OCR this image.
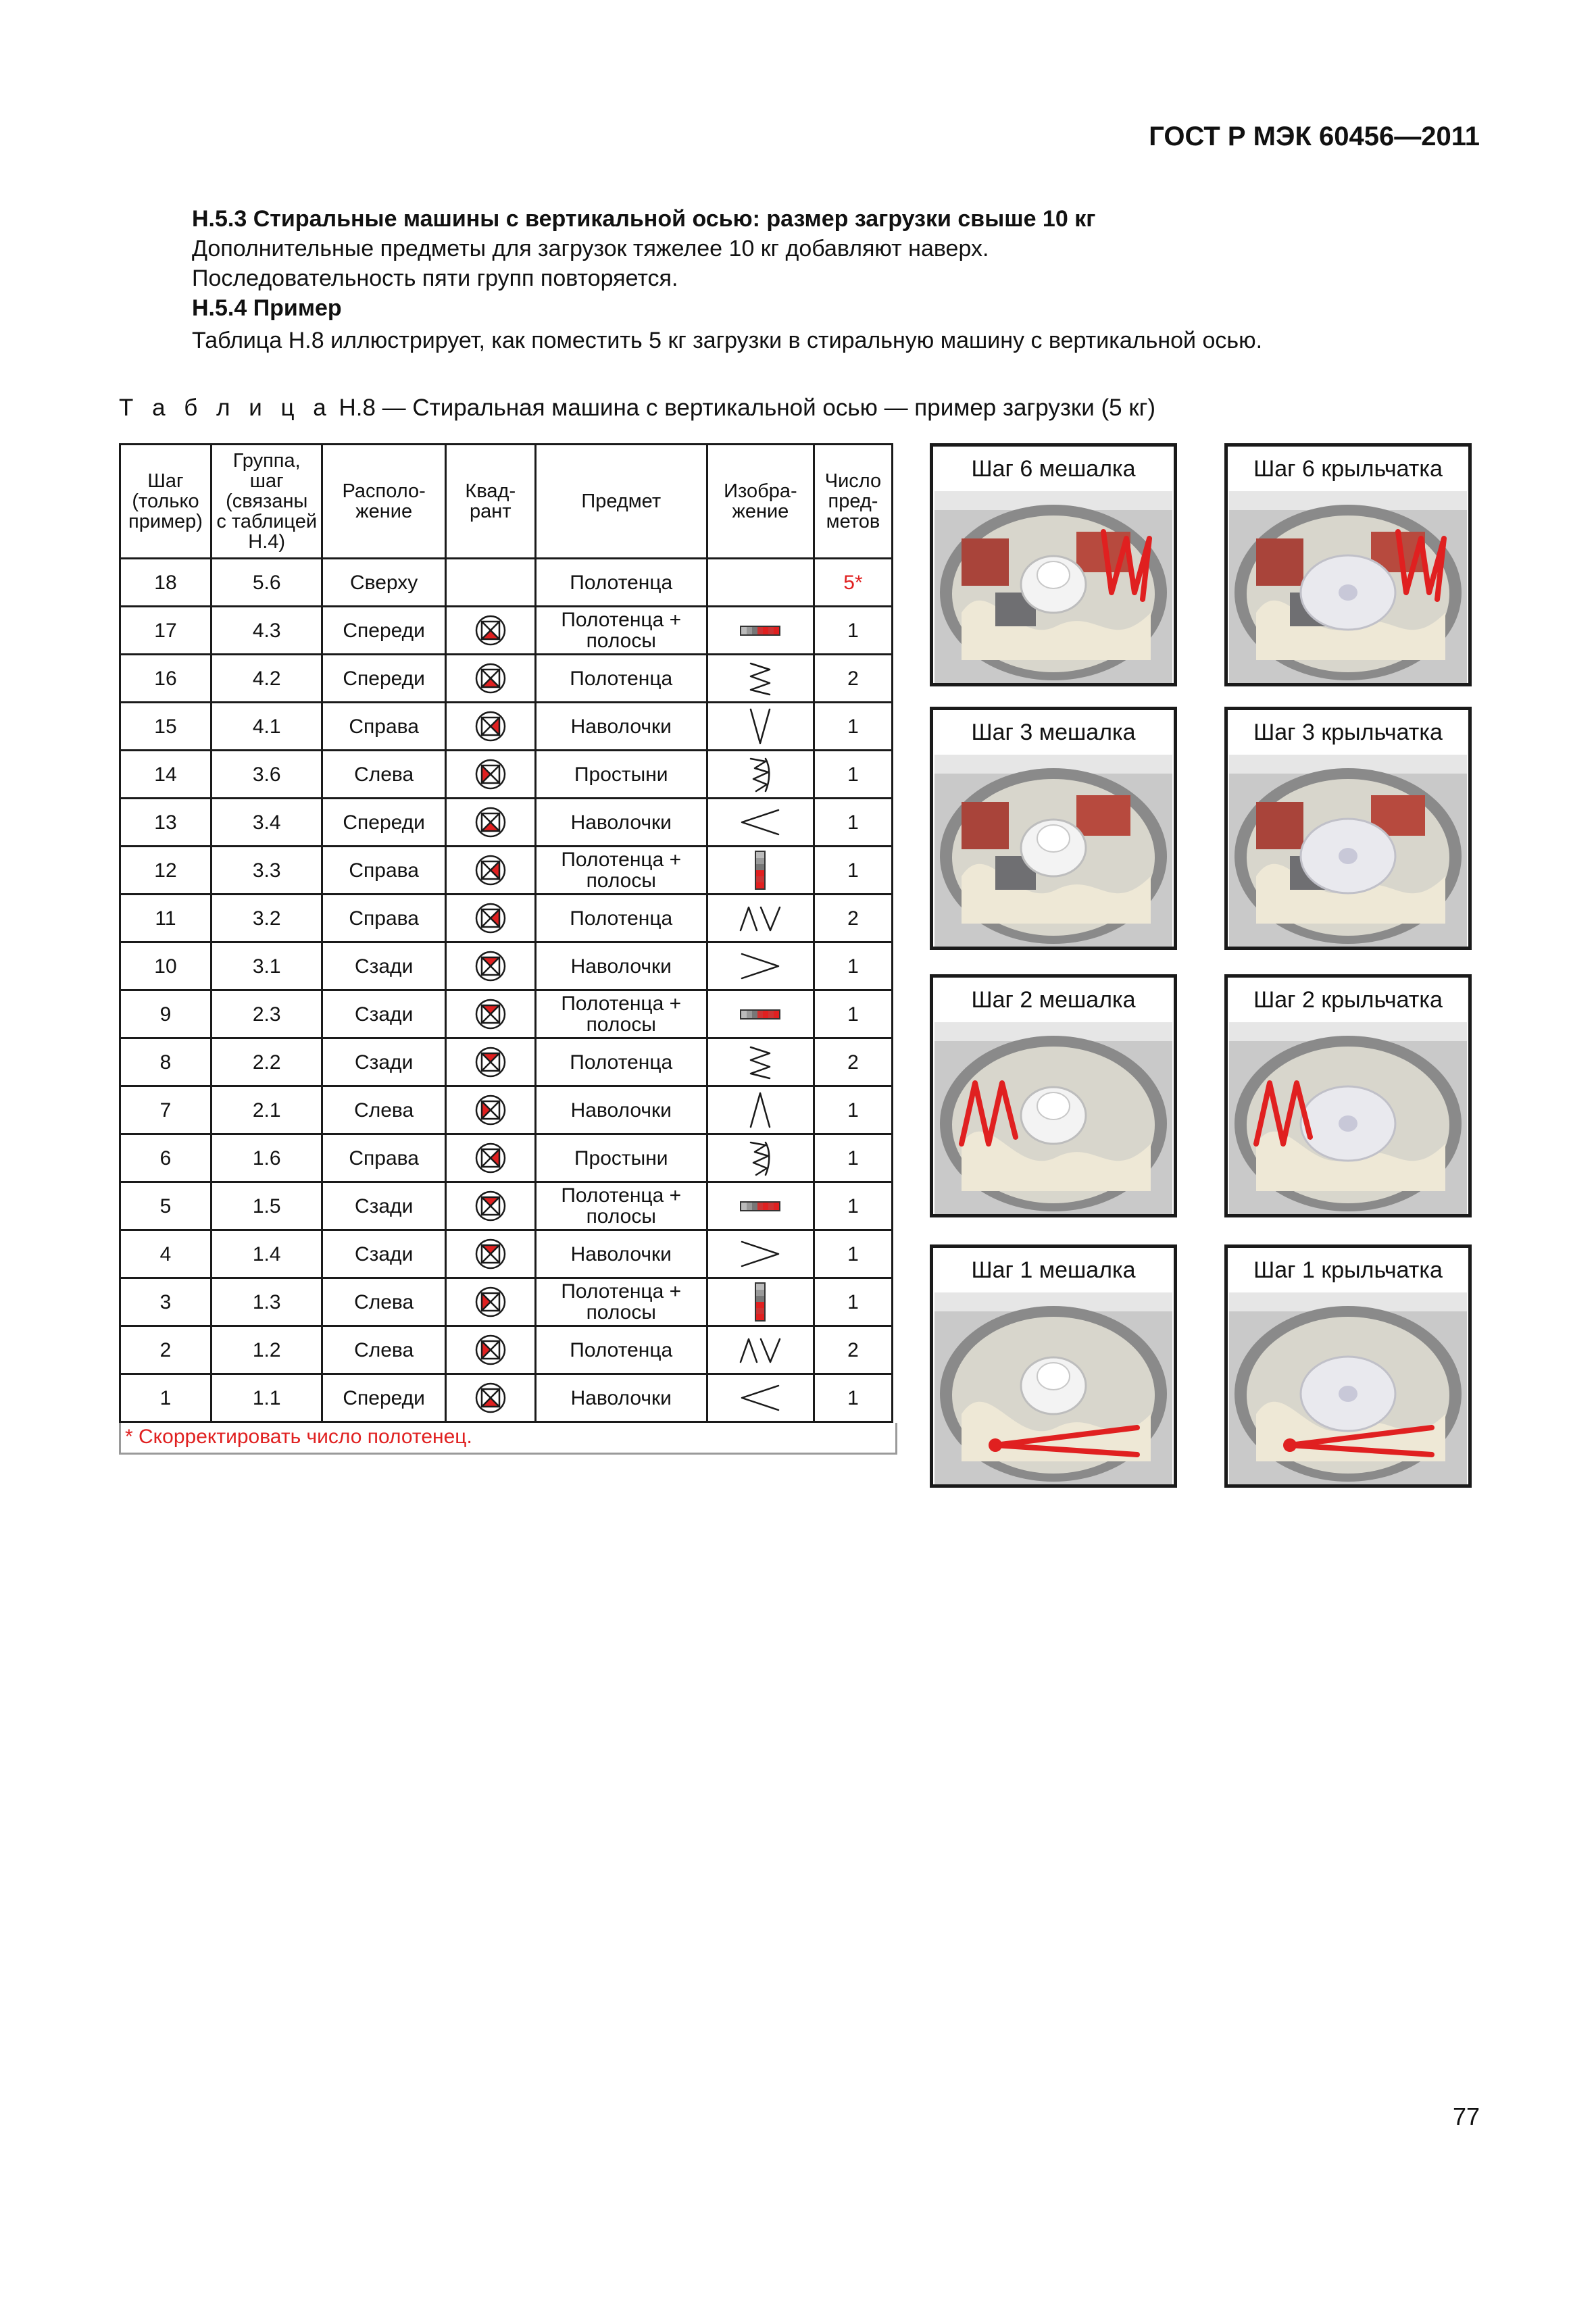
ГОСТ Р МЭК 60456—2011
Н.5.3 Стиральные машины с вертикальной осью: размер загрузки свыше 10 кг
Дополнительные предметы для загрузок тяжелее 10 кг добавляют наверх.
Последовательность пяти групп повторяется.
Н.5.4 Пример
Таблица Н.8 иллюстрирует, как поместить 5 кг загрузки в стиральную машину с вертикальной осью.
Т а б л и ц а Н.8 — Стиральная машина с вертикальной осью — пример загрузки (5 кг)
Шаг
(только
пример)	Группа,
шаг
(связаны
с таблицей
Н.4)	Располо-
жение	Квад-
рант	Предмет	Изобра-
жение	Число
пред-
метов
18	5.6	Сверху		Полотенца		5*
17	4.3	Спереди		Полотенца +
полосы		1
16	4.2	Спереди		Полотенца		2
15	4.1	Справа		Наволочки		1
14	3.6	Слева		Простыни		1
13	3.4	Спереди		Наволочки		1
12	3.3	Справа		Полотенца +
полосы		1
11	3.2	Справа		Полотенца		2
10	3.1	Сзади		Наволочки		1
9	2.3	Сзади		Полотенца +
полосы		1
8	2.2	Сзади		Полотенца		2
7	2.1	Слева		Наволочки		1
6	1.6	Справа		Простыни		1
5	1.5	Сзади		Полотенца +
полосы		1
4	1.4	Сзади		Наволочки		1
3	1.3	Слева		Полотенца +
полосы		1
2	1.2	Слева		Полотенца		2
1	1.1	Спереди		Наволочки		1
* Скорректировать число полотенец.
Шаг 6 мешалка	Шаг 6 крыльчатка
Шаг 3 мешалка	Шаг 3 крыльчатка
Шаг 2 мешалка	Шаг 2 крыльчатка
Шаг 1 мешалка	Шаг 1 крыльчатка
77
